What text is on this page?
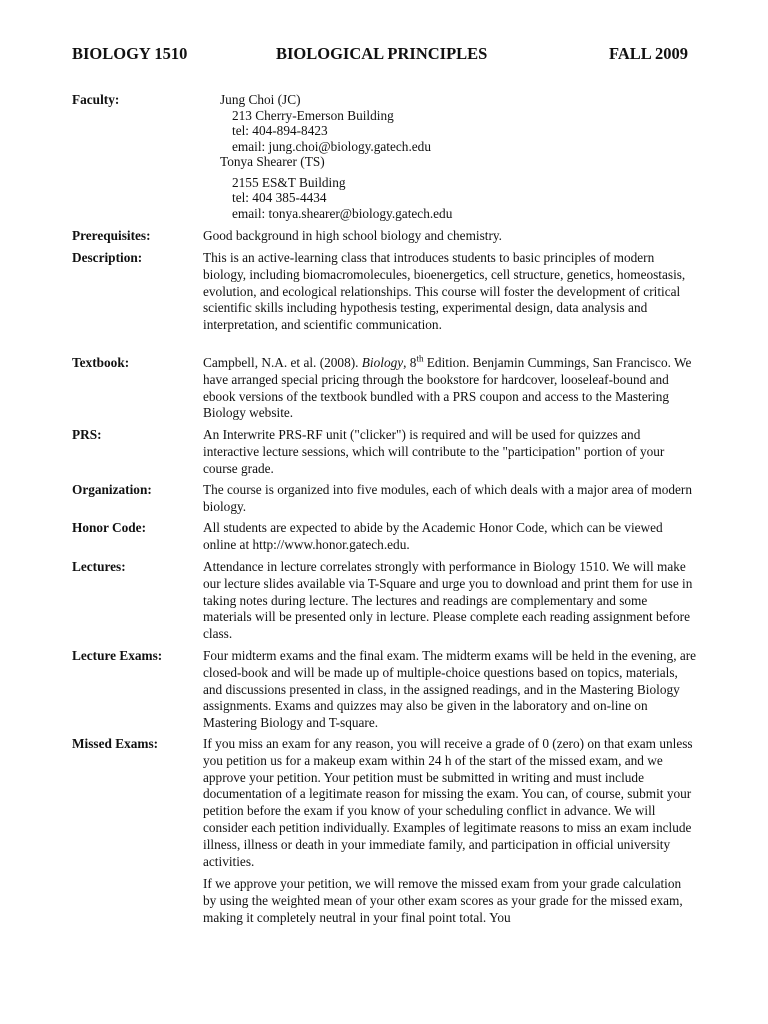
BIOLOGY 1510	BIOLOGICAL PRINCIPLES	FALL 2009
Faculty:	Jung Choi (JC)

213 Cherry-Emerson Building

tel: 404-894-8423

email: jung.choi@biology.gatech.edu

Tonya Shearer (TS)

2155 ES&T Building

tel: 404 385-4434

email: tonya.shearer@biology.gatech.edu

Prerequisites:	Good background in high school biology and chemistry.

Description:	This is an active-learning class that introduces students to basic principles of modern biology, including biomacromolecules, bioenergetics, cell structure, genetics, homeostasis, evolution, and ecological relationships. This course will foster the development of critical scientific skills including hypothesis testing, experimental design, data analysis and interpretation, and scientific communication.

Textbook:	Campbell, N.A. et al. (2008). Biology, 8th Edition. Benjamin Cummings, San Francisco. We have arranged special pricing through the bookstore for hardcover, looseleaf-bound and ebook versions of the textbook bundled with a PRS coupon and access to the Mastering Biology website.

PRS:	An Interwrite PRS-RF unit ("clicker") is required and will be used for quizzes and interactive lecture sessions, which will contribute to the "participation" portion of your course grade.

Organization:	The course is organized into five modules, each of which deals with a major area of modern biology.

Honor Code:	All students are expected to abide by the Academic Honor Code, which can be viewed online at http://www.honor.gatech.edu.

Lectures:	Attendance in lecture correlates strongly with performance in Biology 1510. We will make our lecture slides available via T-Square and urge you to download and print them for use in taking notes during lecture. The lectures and readings are complementary and some materials will be presented only in lecture. Please complete each reading assignment before class.

Lecture Exams:	Four midterm exams and the final exam. The midterm exams will be held in the evening, are closed-book and will be made up of multiple-choice questions based on topics, materials, and discussions presented in class, in the assigned readings, and in the Mastering Biology assignments. Exams and quizzes may also be given in the laboratory and on-line on Mastering Biology and T-square.

Missed Exams:	If you miss an exam for any reason, you will receive a grade of 0 (zero) on that exam unless you petition us for a makeup exam within 24 h of the start of the missed exam, and we approve your petition. Your petition must be submitted in writing and must include documentation of a legitimate reason for missing the exam. You can, of course, submit your petition before the exam if you know of your scheduling conflict in advance. We will consider each petition individually. Examples of legitimate reasons to miss an exam include illness, illness or death in your immediate family, and participation in official university activities.

If we approve your petition, we will remove the missed exam from your grade calculation by using the weighted mean of your other exam scores as your grade for the missed exam, making it completely neutral in your final point total. You
